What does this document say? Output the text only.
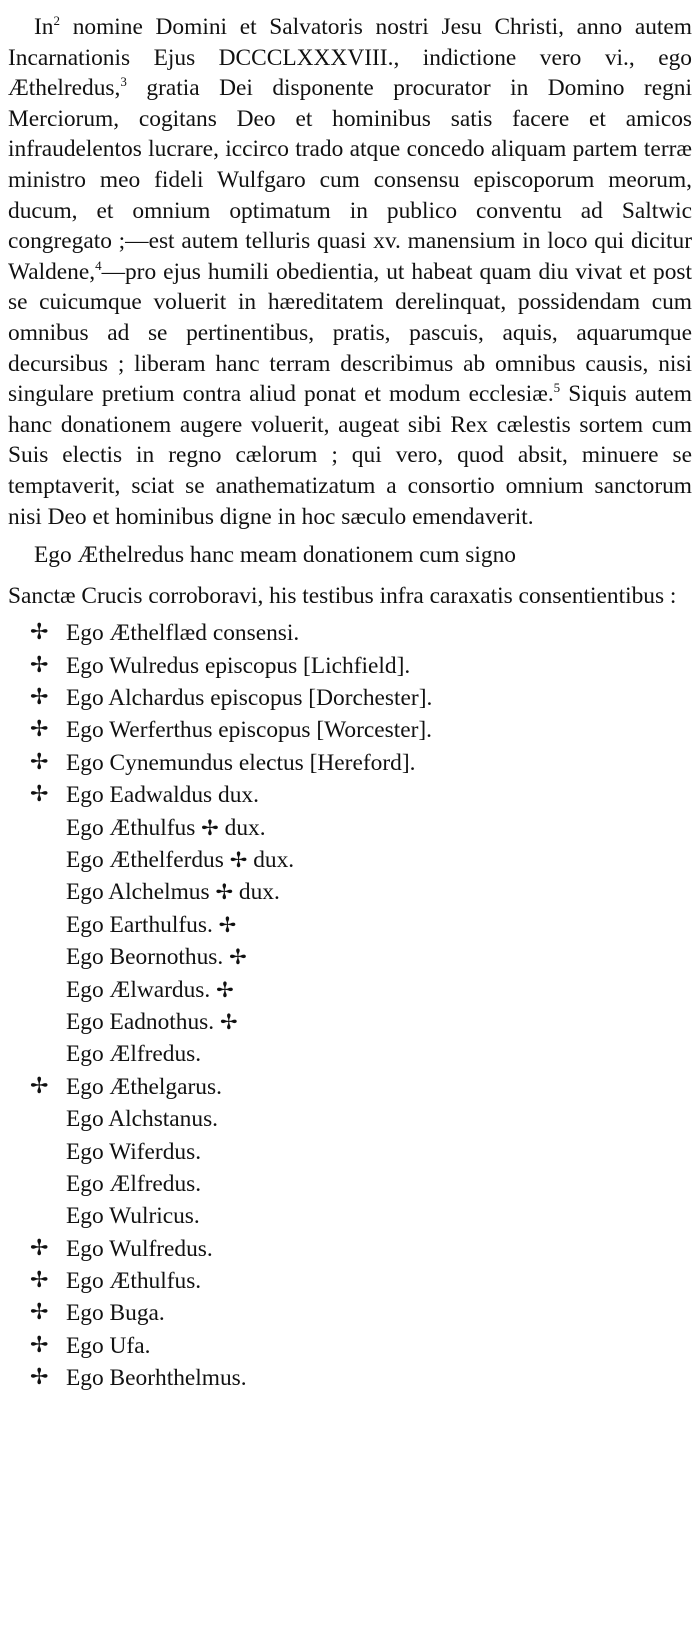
In$^2$ nomine Domini et Salvatoris nostri Jesu Christi, anno autem Incarnationis Ejus DCCCLXXXVIII., indictione vero vi., ego Æthelredus,$^3$ gratia Dei disponente procurator in Domino regni Merciorum, cogitans Deo et hominibus satis facere et amicos infraudelentos lucrare, iccirco trado atque concedo aliquam partem terræ ministro meo fideli Wulfgaro cum consensu episcoporum meorum, ducum, et omnium optimatum in publico conventu ad Saltwic congregato ;—est autem telluris quasi xv. manensium in loco qui dicitur Waldene,$^4$—pro ejus humili obedientia, ut habeat quam diu vivat et post se cuicumque voluerit in hæreditatem derelinquat, possidendam cum omnibus ad se pertinentibus, pratis, pascuis, aquis, aquarumque decursibus ; liberam hanc terram describimus ab omnibus causis, nisi singulare pretium contra aliud ponat et modum ecclesiæ.$^5$ Siquis autem hanc donationem augere voluerit, augeat sibi Rex cælestis sortem cum Suis electis in regno cælorum ; qui vero, quod absit, minuere se temptaverit, sciat se anathematizatum a consortio omnium sanctorum nisi Deo et hominibus digne in hoc sæculo emendaverit.

Ego Æthelredus hanc meam donationem cum signo

Sanctæ Crucis corroboravi, his testibus infra caraxatis consentientibus :

✢ Ego Æthelflæd consensi.
✢ Ego Wulredus episcopus [Lichfield].
✢ Ego Alchardus episcopus [Dorchester].
✢ Ego Werferthus episcopus [Worcester].
✢ Ego Cynemundus electus [Hereford].
✢ Ego Eadwaldus dux.
Ego Æthulfus ✢ dux.
Ego Æthelferdus ✢ dux.
Ego Alchelmus ✢ dux.
Ego Earthulfus. ✢
Ego Beornothus. ✢
Ego Ælwardus. ✢
Ego Eadnothus. ✢
Ego Ælfredus.
✢ Ego Æthelgarus.
Ego Alchstanus.
Ego Wiferdus.
Ego Ælfredus.
Ego Wulricus.
✢ Ego Wulfredus.
✢ Ego Æthulfus.
✢ Ego Buga.
✢ Ego Ufa.
✢ Ego Beorhthelmus.
